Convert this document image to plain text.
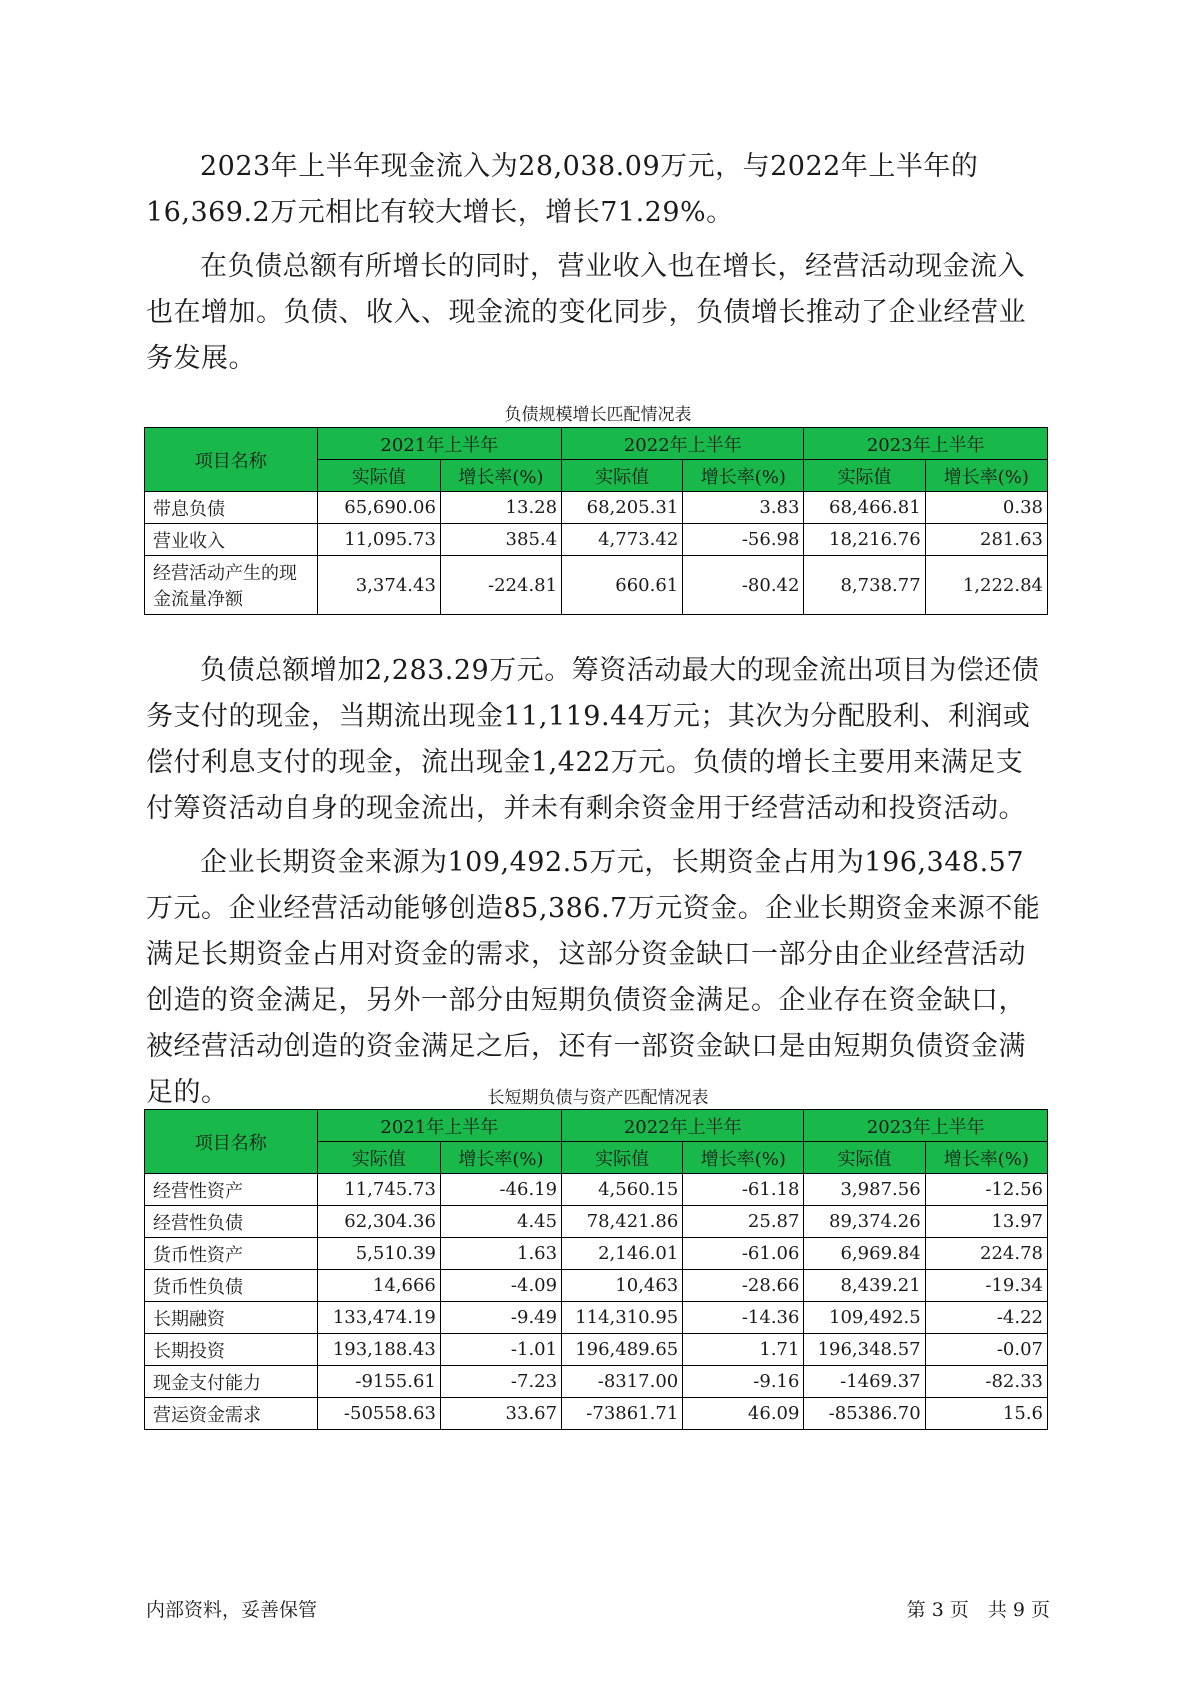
2023年上半年现金流入为28,038.09万元，与2022年上半年的16,369.2万元相比有较大增长，增长71.29%。

在负债总额有所增长的同时，营业收入也在增长，经营活动现金流入也在增加。负债、收入、现金流的变化同步，负债增长推动了企业经营业务发展。

负债规模增长匹配情况表

项目名称	2021年上半年		2022年上半年		2023年上半年	
	实际值	增长率(%)	实际值	增长率(%)	实际值	增长率(%)
带息负债	65,690.06	13.28	68,205.31	3.83	68,466.81	0.38
营业收入	11,095.73	385.4	4,773.42	-56.98	18,216.76	281.63
经营活动产生的现金流量净额	3,374.43	-224.81	660.61	-80.42	8,738.77	1,222.84

负债总额增加2,283.29万元。筹资活动最大的现金流出项目为偿还债务支付的现金，当期流出现金11,119.44万元；其次为分配股利、利润或偿付利息支付的现金，流出现金1,422万元。负债的增长主要用来满足支付筹资活动自身的现金流出，并未有剩余资金用于经营活动和投资活动。

企业长期资金来源为109,492.5万元，长期资金占用为196,348.57万元。企业经营活动能够创造85,386.7万元资金。企业长期资金来源不能满足长期资金占用对资金的需求，这部分资金缺口一部分由企业经营活动创造的资金满足，另外一部分由短期负债资金满足。企业存在资金缺口，被经营活动创造的资金满足之后，还有一部资金缺口是由短期负债资金满足的。	长短期负债与资产匹配情况表

项目名称	2021年上半年		2022年上半年		2023年上半年	
	实际值	增长率(%)	实际值	增长率(%)	实际值	增长率(%)
经营性资产	11,745.73	-46.19	4,560.15	-61.18	3,987.56	-12.56
经营性负债	62,304.36	4.45	78,421.86	25.87	89,374.26	13.97
货币性资产	5,510.39	1.63	2,146.01	-61.06	6,969.84	224.78
货币性负债	14,666	-4.09	10,463	-28.66	8,439.21	-19.34
长期融资	133,474.19	-9.49	114,310.95	-14.36	109,492.5	-4.22
长期投资	193,188.43	-1.01	196,489.65	1.71	196,348.57	-0.07
现金支付能力	-9155.61	-7.23	-8317.00	-9.16	-1469.37	-82.33
营运资金需求	-50558.63	33.67	-73861.71	46.09	-85386.70	15.6
内部资料，妥善保管	第 3 页　共 9 页
